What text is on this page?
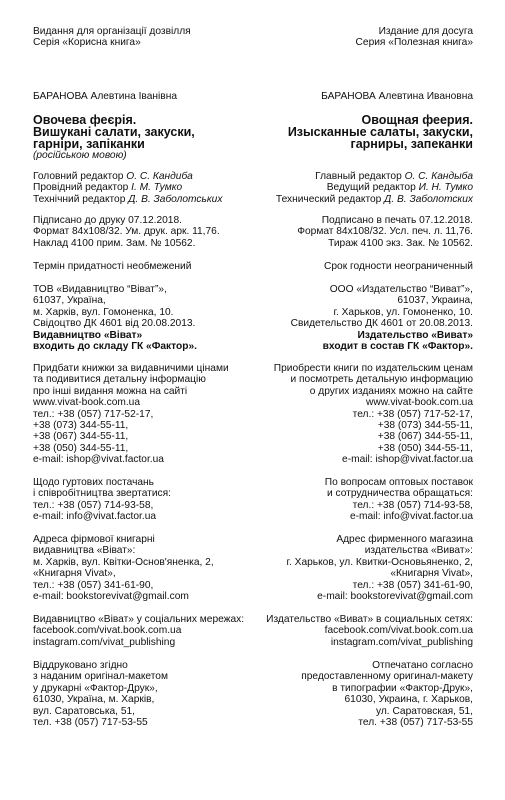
Видання для організації дозвілля
Серія «Корисна книга»
БАРАНОВА Алевтина Іванівна
Овочева феєрія.
Вишукані салати, закуски,
гарніри, запіканки
(російською мовою)
Головний редактор О. С. Кандиба
Провідний редактор І. М. Тумко
Технічний редактор Д. В. Заболотських
Підписано до друку 07.12.2018.
Формат 84x108/32. Ум. друк. арк. 11,76.
Наклад 4100 прим. Зам. № 10562.
Термін придатності необмежений
ТОВ «Видавництво “Віват”»,
61037, Україна,
м. Харків, вул. Гомоненка, 10.
Свідоцтво ДК 4601 від 20.08.2013.
Видавництво «Віват»
входить до складу ГК «Фактор».
Придбати книжки за видавничими цінами
та подивитися детальну інформацію
про інші видання можна на сайті
www.vivat-book.com.ua
тел.: +38 (057) 717-52-17,
+38 (073) 344-55-11,
+38 (067) 344-55-11,
+38 (050) 344-55-11,
e-mail: ishop@vivat.factor.ua
Щодо гуртових постачань
і співробітництва звертатися:
тел.: +38 (057) 714-93-58,
e-mail: info@vivat.factor.ua
Адреса фірмової книгарні
видавництва «Віват»:
м. Харків, вул. Квітки-Основ'яненка, 2,
«Книгарня Vivat»,
тел.: +38 (057) 341-61-90,
e-mail: bookstorevivat@gmail.com
Видавництво «Віват» у соціальних мережах:
facebook.com/vivat.book.com.ua
instagram.com/vivat_publishing
Віддруковано згідно
з наданим оригінал-макетом
у друкарні «Фактор-Друк»,
61030, Україна, м. Харків,
вул. Саратовська, 51,
тел. +38 (057) 717-53-55
Издание для досуга
Серия «Полезная книга»
БАРАНОВА Алевтина Ивановна
Овощная феерия.
Изысканные салаты, закуски,
гарниры, запеканки
Главный редактор О. С. Кандыба
Ведущий редактор И. Н. Тумко
Технический редактор Д. В. Заболотских
Подписано в печать 07.12.2018.
Формат 84x108/32. Усл. печ. л. 11,76.
Тираж 4100 экз. Зак. № 10562.
Срок годности неограниченный
ООО «Издательство “Виват”»,
61037, Украина,
г. Харьков, ул. Гомоненко, 10.
Свидетельство ДК 4601 от 20.08.2013.
Издательство «Виват»
входит в состав ГК «Фактор».
Приобрести книги по издательским ценам
и посмотреть детальную информацию
о других изданиях можно на сайте
www.vivat-book.com.ua
тел.: +38 (057) 717-52-17,
+38 (073) 344-55-11,
+38 (067) 344-55-11,
+38 (050) 344-55-11,
e-mail: ishop@vivat.factor.ua
По вопросам оптовых поставок
и сотрудничества обращаться:
тел.: +38 (057) 714-93-58,
e-mail: info@vivat.factor.ua
Адрес фирменного магазина
издательства «Виват»:
г. Харьков, ул. Квитки-Основьяненко, 2,
«Книгарня Vivat»,
тел.: +38 (057) 341-61-90,
e-mail: bookstorevivat@gmail.com
Издательство «Виват» в социальных сетях:
facebook.com/vivat.book.com.ua
instagram.com/vivat_publishing
Отпечатано согласно
предоставленному оригинал-макету
в типографии «Фактор-Друк»,
61030, Украина, г. Харьков,
ул. Саратовская, 51,
тел. +38 (057) 717-53-55
